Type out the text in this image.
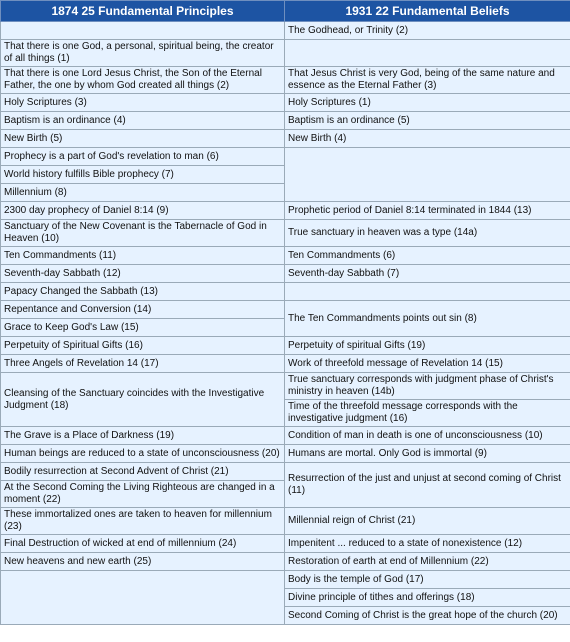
1874 25 Fundamental Principles	1931 22 Fundamental Beliefs
	The Godhead, or Trinity (2)
That there is one God, a personal, spiritual being, the creator of all things (1)	
That there is one Lord Jesus Christ, the Son of the Eternal Father, the one by whom God created all things (2)	That Jesus Christ is very God, being of the same nature and essence as the Eternal Father (3)
Holy Scriptures (3)	Holy Scriptures (1)
Baptism is an ordinance (4)	Baptism is an ordinance (5)
New Birth (5)	New Birth (4)
Prophecy is a part of God's revelation to man (6)	
World history fulfills Bible prophecy (7)	
Millennium (8)	
2300 day prophecy of Daniel 8:14 (9)	Prophetic period of Daniel 8:14 terminated in 1844 (13)
Sanctuary of the New Covenant is the Tabernacle of God in Heaven (10)	True sanctuary in heaven was a type (14a)
Ten Commandments (11)	Ten Commandments (6)
Seventh-day Sabbath (12)	Seventh-day Sabbath (7)
Papacy Changed the Sabbath (13)	
Repentance and Conversion (14)	The Ten Commandments points out sin (8)
Grace to Keep God's Law (15)	
Perpetuity of Spiritual Gifts (16)	Perpetuity of spiritual Gifts (19)
Three Angels of Revelation 14 (17)	Work of threefold message of Revelation 14 (15)
Cleansing of the Sanctuary coincides with the Investigative Judgment (18)	True sanctuary corresponds with judgment phase of Christ's ministry in heaven (14b)
	Time of the threefold message corresponds with the investigative judgment (16)
The Grave is a Place of Darkness (19)	Condition of man in death is one of unconsciousness (10)
Human beings are reduced to a state of unconsciousness (20)	Humans are mortal. Only God is immortal (9)
Bodily resurrection at Second Advent of Christ (21)	Resurrection of the just and unjust at second coming of Christ (11)
At the Second Coming the Living Righteous are changed in a moment (22)	
These immortalized ones are taken to heaven for millennium (23)	Millennial reign of Christ (21)
Final Destruction of wicked at end of millennium (24)	Impenitent ... reduced to a state of nonexistence (12)
New heavens and new earth (25)	Restoration of earth at end of Millennium (22)
	Body is the temple of God (17)
	Divine principle of tithes and offerings (18)
	Second Coming of Christ is the great hope of the church (20)
